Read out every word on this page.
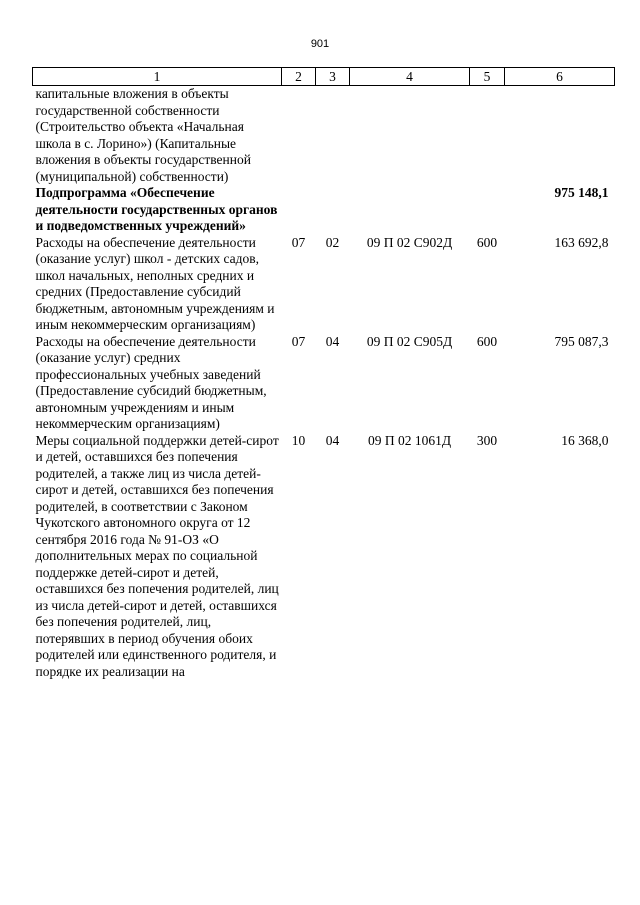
901
1	2	3	4	5	6
капитальные вложения в объекты государственной собственности (Строительство объекта «Начальная школа в с. Лорино») (Капитальные вложения в объекты государственной (муниципальной) собственности)					
Подпрограмма «Обеспечение деятельности государственных органов и подведомственных учреждений»					975 148,1
Расходы на обеспечение деятельности (оказание услуг) школ - детских садов, школ начальных, неполных средних и средних (Предоставление субсидий бюджетным, автономным учреждениям и иным некоммерческим организациям)	07	02	09 П 02 С902Д	600	163 692,8
Расходы на обеспечение деятельности (оказание услуг) средних профессиональных учебных заведений (Предоставление субсидий бюджетным, автономным учреждениям и иным некоммерческим организациям)	07	04	09 П 02 С905Д	600	795 087,3
Меры социальной поддержки детей-сирот и детей, оставшихся без попечения родителей, а также лиц из числа детей-сирот и детей, оставшихся без попечения родителей, в соответствии с Законом Чукотского автономного округа от 12 сентября 2016 года № 91-ОЗ «О дополнительных мерах по социальной поддержке детей-сирот и детей, оставшихся без попечения родителей, лиц из числа детей-сирот и детей, оставшихся без попечения родителей, лиц, потерявших в период обучения обоих родителей или единственного родителя, и порядке их реализации на	10	04	09 П 02 1061Д	300	16 368,0
